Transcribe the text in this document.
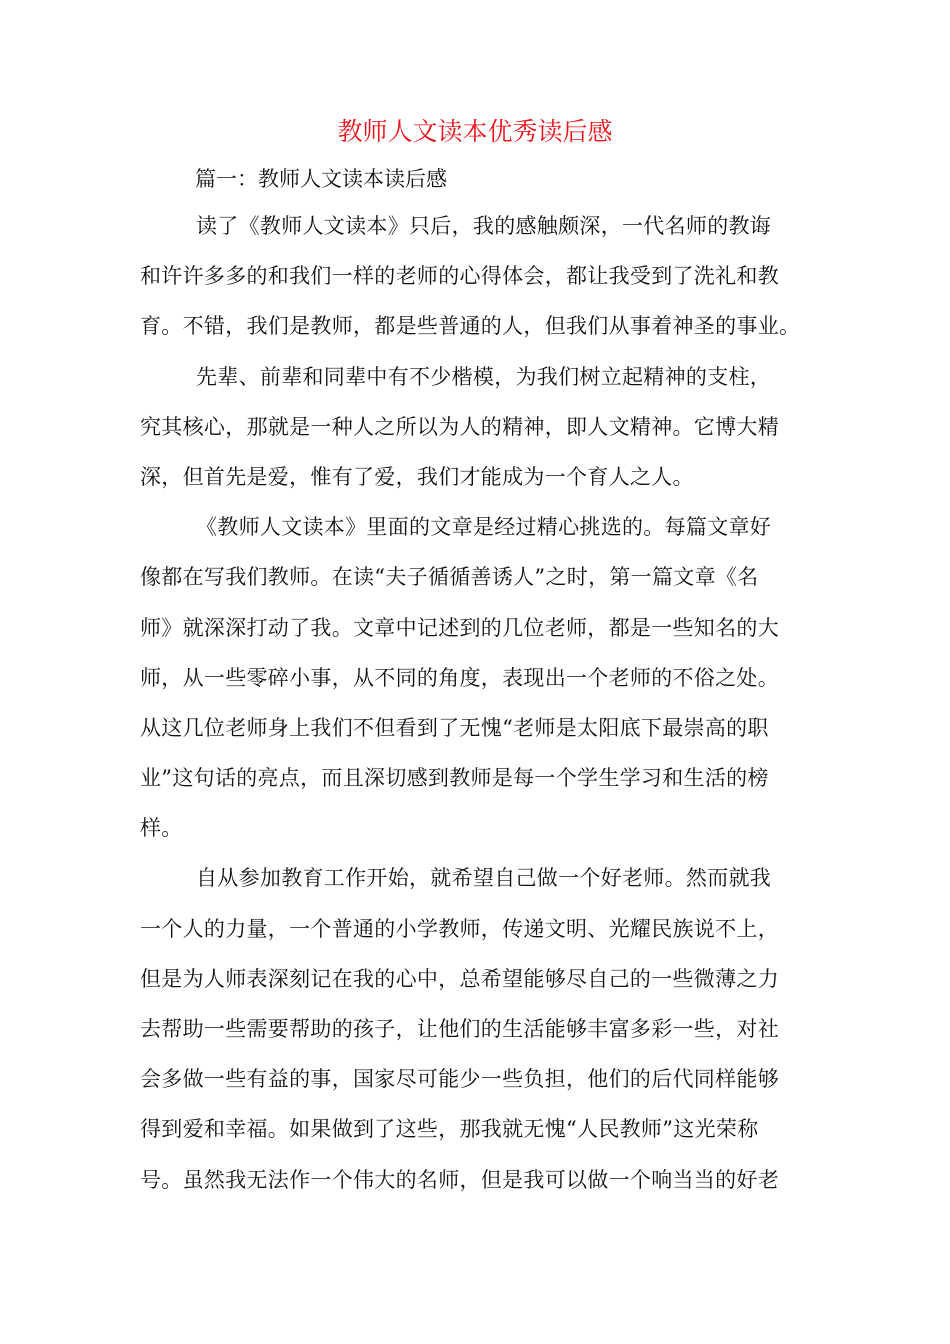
教师人文读本优秀读后感
篇一：教师人文读本读后感
读了《教师人文读本》只后，我的感触颇深，一代名师的教诲
和许许多多的和我们一样的老师的心得体会，都让我受到了洗礼和教
育。不错，我们是教师，都是些普通的人，但我们从事着神圣的事业。
先辈、前辈和同辈中有不少楷模，为我们树立起精神的支柱，
究其核心，那就是一种人之所以为人的精神，即人文精神。它博大精
深，但首先是爱，惟有了爱，我们才能成为一个育人之人。
《教师人文读本》里面的文章是经过精心挑选的。每篇文章好
像都在写我们教师。在读“夫子循循善诱人”之时，第一篇文章《名
师》就深深打动了我。文章中记述到的几位老师，都是一些知名的大
师，从一些零碎小事，从不同的角度，表现出一个老师的不俗之处。
从这几位老师身上我们不但看到了无愧“老师是太阳底下最崇高的职
业”这句话的亮点，而且深切感到教师是每一个学生学习和生活的榜
样。
自从参加教育工作开始，就希望自己做一个好老师。然而就我
一个人的力量，一个普通的小学教师，传递文明、光耀民族说不上，
但是为人师表深刻记在我的心中，总希望能够尽自己的一些微薄之力
去帮助一些需要帮助的孩子，让他们的生活能够丰富多彩一些，对社
会多做一些有益的事，国家尽可能少一些负担，他们的后代同样能够
得到爱和幸福。如果做到了这些，那我就无愧“人民教师”这光荣称
号。虽然我无法作一个伟大的名师，但是我可以做一个响当当的好老
